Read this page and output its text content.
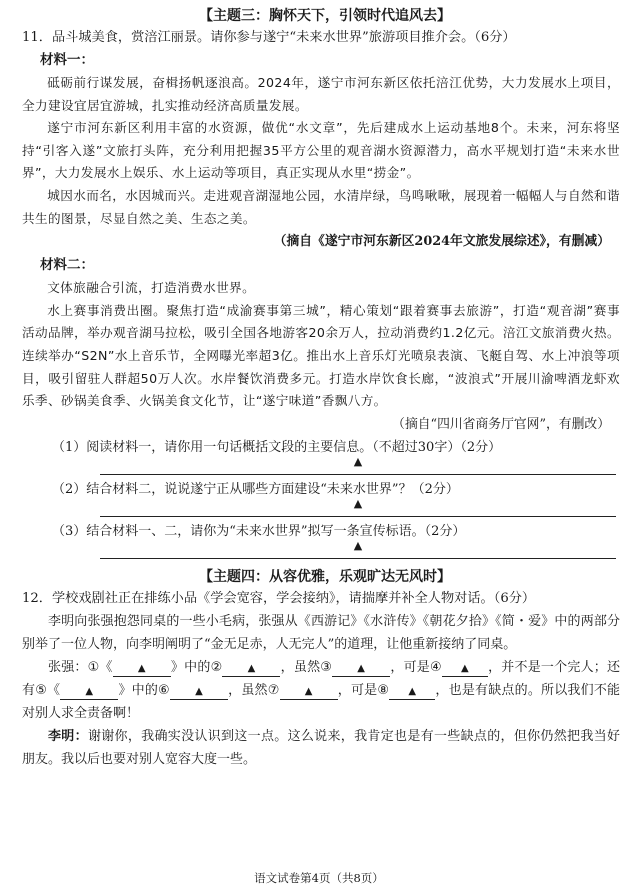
【主题三：胸怀天下，引领时代追风去】
11．品斗城美食，赏涪江丽景。请你参与遂宁“未来水世界”旅游项目推介会。（6分）
材料一：
砥砺前行谋发展，奋楫扬帆逐浪高。2024年，遂宁市河东新区依托涪江优势，大力发展水上项目，全力建设宜居宜游城，扎实推动经济高质量发展。
遂宁市河东新区利用丰富的水资源，做优“水文章”，先后建成水上运动基地8个。未来，河东将坚持“引客入遂”文旅打头阵，充分利用把握35平方公里的观音湖水资源潜力，高水平规划打造“未来水世界”，大力发展水上娱乐、水上运动等项目，真正实现从水里“捞金”。
城因水而名，水因城而兴。走进观音湖湿地公园，水清岸绿，鸟鸣啾啾，展现着一幅幅人与自然和谐共生的图景，尽显自然之美、生态之美。
（摘自《遂宁市河东新区2024年文旅发展综述》，有删减）
材料二：
文体旅融合引流，打造消费水世界。
水上赛事消费出圈。聚焦打造“成渝赛事第三城”，精心策划“跟着赛事去旅游”，打造“观音湖”赛事活动品牌，举办观音湖马拉松，吸引全国各地游客20余万人，拉动消费约1.2亿元。涪江文旅消费火热。连续举办“S2N”水上音乐节，全网曝光率超3亿。推出水上音乐灯光喷泉表演、飞艇自驾、水上冲浪等项目，吸引留驻人群超50万人次。水岸餐饮消费多元。打造水岸饮食长廊，“波浪式”开展川渝啤酒龙虾欢乐季、砂锅美食季、火锅美食文化节，让“遂宁味道”香飘八方。
（摘自“四川省商务厅官网”，有删改）
（1）阅读材料一，请你用一句话概括文段的主要信息。（不超过30字）（2分）
▲
（2）结合材料二，说说遂宁正从哪些方面建设“未来水世界”？（2分）
▲
（3）结合材料一、二，请你为“未来水世界”拟写一条宣传标语。（2分）
▲
【主题四：从容优雅，乐观旷达无风时】
12．学校戏剧社正在排练小品《学会宽容，学会接纳》，请揣摩并补全人物对话。（6分）
李明向张强抱怨同桌的一些小毛病，张强从《西游记》《水浒传》《朝花夕拾》《简・爱》中的两部分别举了一位人物，向李明阐明了“金无足赤，人无完人”的道理，让他重新接纳了同桌。
张强：①《	▲ 》中的②	▲ ，虽然③	▲ ，可是④ ▲ ，并不是一个完人；还有⑤《	▲ 》中的⑥	▲ ，虽然⑦	▲ ，可是⑧ ▲ ，也是有缺点的。所以我们不能对别人求全责备啊！
李明：谢谢你，我确实没认识到这一点。这么说来，我肯定也是有一些缺点的，但你仍然把我当好朋友。我以后也要对别人宽容大度一些。
语文试卷第4页（共8页）
